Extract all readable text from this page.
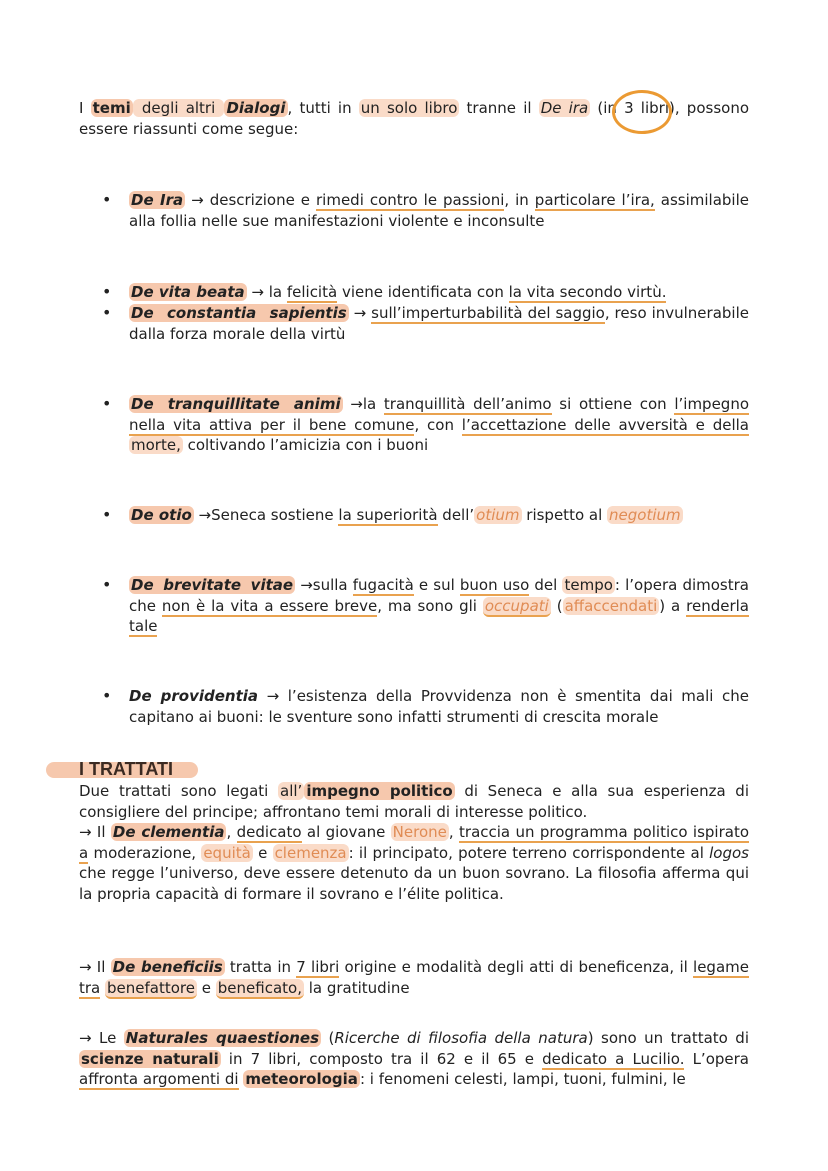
I temi degli altri Dialogi , tutti in un solo libro tranne il De ira (in 3 libri), possono essere riassunti come segue:
• De Ira → descrizione e rimedi contro le passioni, in particolare l’ira, assimilabile alla follia nelle sue manifestazioni violente e inconsulte
• De vita beata → la felicità viene identificata con la vita secondo virtù.
• De constantia sapientis → sull’imperturbabilità del saggio, reso invulnerabile dalla forza morale della virtù
• De tranquillitate animi →la tranquillità dell’animo si ottiene con l’impegno nella vita attiva per il bene comune, con l’accettazione delle avversità e della morte, coltivando l’amicizia con i buoni
• De otio →Seneca sostiene la superiorità dell’ otium rispetto al negotium
• De brevitate vitae →sulla fugacità e sul buon uso del tempo : l’opera dimostra che non è la vita a essere breve, ma sono gli occupati ( affaccendati ) a renderla tale
• De providentia → l’esistenza della Provvidenza non è smentita dai mali che capitano ai buoni: le sventure sono infatti strumenti di crescita morale
I TRATTATI
Due trattati sono legati all’ impegno politico di Seneca e alla sua esperienza di consigliere del principe; affrontano temi morali di interesse politico.
→ Il De clementia , dedicato al giovane Nerone , traccia un programma politico ispirato a moderazione, equità e clemenza : il principato, potere terreno corrispondente al logos che regge l’universo, deve essere detenuto da un buon sovrano. La filosofia afferma qui la propria capacità di formare il sovrano e l’élite politica.
→ Il De beneficiis tratta in 7 libri origine e modalità degli atti di beneficenza, il legame tra benefattore e beneficato, la gratitudine
→ Le Naturales quaestiones (Ricerche di filosofia della natura) sono un trattato di scienze naturali in 7 libri, composto tra il 62 e il 65 e dedicato a Lucilio. L’opera affronta argomenti di meteorologia : i fenomeni celesti, lampi, tuoni, fulmini, le
